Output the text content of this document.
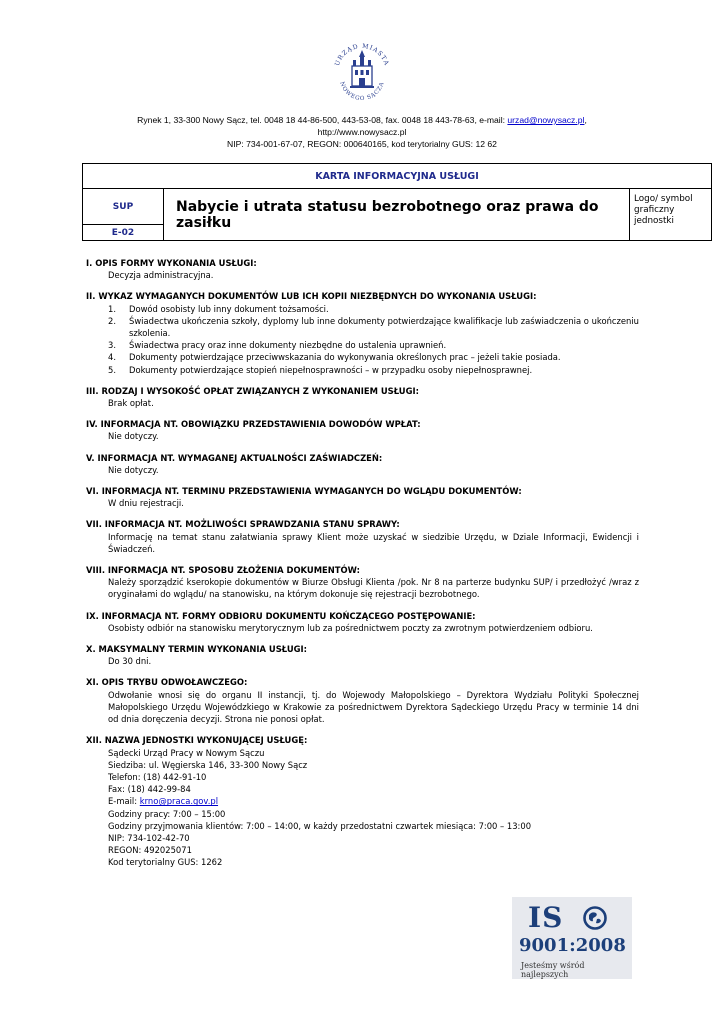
URZĄD MIASTA
NOWEGO SĄCZA
Rynek 1, 33-300 Nowy Sącz, tel. 0048 18 44-86-500, 443-53-08, fax. 0048 18 443-78-63, e-mail: urzad@nowysacz.pl,
http://www.nowysacz.pl
NIP: 734-001-67-07, REGON: 000640165, kod terytorialny GUS: 12 62
KARTA INFORMACYJNA USŁUGI
SUP	Nabycie i utrata statusu bezrobotnego oraz prawa do zasiłku	Logo/ symbol graficzny jednostki
E-02
I. OPIS FORMY WYKONANIA USŁUGI:
Decyzja administracyjna.
II. WYKAZ WYMAGANYCH DOKUMENTÓW LUB ICH KOPII NIEZBĘDNYCH DO WYKONANIA USŁUGI:
1.	Dowód osobisty lub inny dokument tożsamości.
2.	Świadectwa ukończenia szkoły, dyplomy lub inne dokumenty potwierdzające kwalifikacje lub zaświadczenia o ukończeniu szkolenia.
3.	Świadectwa pracy oraz inne dokumenty niezbędne do ustalenia uprawnień.
4.	Dokumenty potwierdzające przeciwwskazania do wykonywania określonych prac – jeżeli takie posiada.
5.	Dokumenty potwierdzające stopień niepełnosprawności – w przypadku osoby niepełnosprawnej.
III. RODZAJ I WYSOKOŚĆ OPŁAT ZWIĄZANYCH Z WYKONANIEM USŁUGI:
Brak opłat.
IV. INFORMACJA NT. OBOWIĄZKU PRZEDSTAWIENIA DOWODÓW WPŁAT:
Nie dotyczy.
V. INFORMACJA NT. WYMAGANEJ AKTUALNOŚCI ZAŚWIADCZEŃ:
Nie dotyczy.
VI. INFORMACJA NT. TERMINU PRZEDSTAWIENIA WYMAGANYCH DO WGLĄDU DOKUMENTÓW:
W dniu rejestracji.
VII. INFORMACJA NT. MOŻLIWOŚCI SPRAWDZANIA STANU SPRAWY:
Informację na temat stanu załatwiania sprawy Klient może uzyskać w siedzibie Urzędu, w Dziale Informacji, Ewidencji i Świadczeń.
VIII. INFORMACJA NT. SPOSOBU ZŁOŻENIA DOKUMENTÓW:
Należy sporządzić kserokopie dokumentów w Biurze Obsługi Klienta /pok. Nr 8 na parterze budynku SUP/ i przedłożyć /wraz z oryginałami do wglądu/ na stanowisku, na którym dokonuje się rejestracji bezrobotnego.
IX. INFORMACJA NT. FORMY ODBIORU DOKUMENTU KOŃCZĄCEGO POSTĘPOWANIE:
Osobisty odbiór na stanowisku merytorycznym lub za pośrednictwem poczty za zwrotnym potwierdzeniem odbioru.
X. MAKSYMALNY TERMIN WYKONANIA USŁUGI:
Do 30 dni.
XI. OPIS TRYBU ODWOŁAWCZEGO:
Odwołanie wnosi się do organu II instancji, tj. do Wojewody Małopolskiego – Dyrektora Wydziału Polityki Społecznej Małopolskiego Urzędu Wojewódzkiego w Krakowie za pośrednictwem Dyrektora Sądeckiego Urzędu Pracy w terminie 14 dni od dnia doręczenia decyzji. Strona nie ponosi opłat.
XII. NAZWA JEDNOSTKI WYKONUJĄCEJ USŁUGĘ:
Sądecki Urząd Pracy w Nowym Sączu
Siedziba: ul. Węgierska 146, 33-300 Nowy Sącz
Telefon: (18) 442-91-10
Fax: (18) 442-99-84
E-mail: krno@praca.gov.pl
Godziny pracy: 7:00 – 15:00
Godziny przyjmowania klientów: 7:00 – 14:00, w każdy przedostatni czwartek miesiąca: 7:00 – 13:00
NIP: 734-102-42-70
REGON: 492025071
Kod terytorialny GUS: 1262
IS
9001:2008
Jesteśmy wśród najlepszych
